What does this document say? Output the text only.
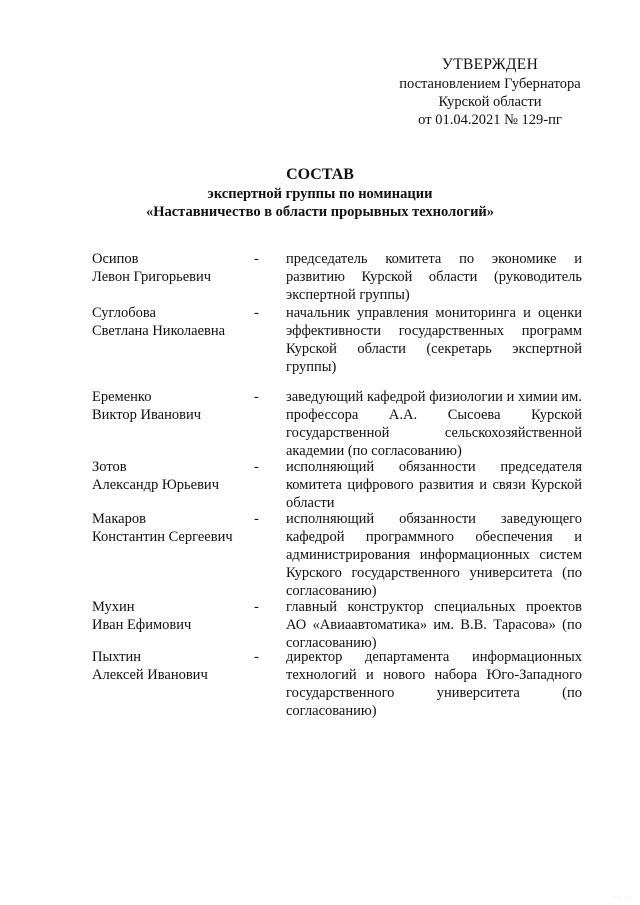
УТВЕРЖДЕН
постановлением Губернатора
Курской области
от 01.04.2021 № 129-пг
СОСТАВ
экспертной группы по номинации
«Наставничество в области прорывных технологий»
Осипов
Левон Григорьевич
- председатель комитета по экономике и развитию Курской области (руководитель экспертной группы)
Суглобова
Светлана Николаевна
- начальник управления мониторинга и оценки эффективности государственных программ Курской области (секретарь экспертной группы)
Еременко
Виктор Иванович
- заведующий кафедрой физиологии и химии им. профессора А.А. Сысоева Курской государственной сельскохозяйственной академии (по согласованию)
Зотов
Александр Юрьевич
- исполняющий обязанности председателя комитета цифрового развития и связи Курской области
Макаров
Константин Сергеевич
- исполняющий обязанности заведующего кафедрой программного обеспечения и администрирования информационных систем Курского государственного университета (по согласованию)
Мухин
Иван Ефимович
- главный конструктор специальных проектов АО «Авиаавтоматика» им. В.В. Тарасова» (по согласованию)
Пыхтин
Алексей Иванович
- директор департамента информационных технологий и нового набора Юго-Западного государственного университета (по согласованию)
· · · ·
